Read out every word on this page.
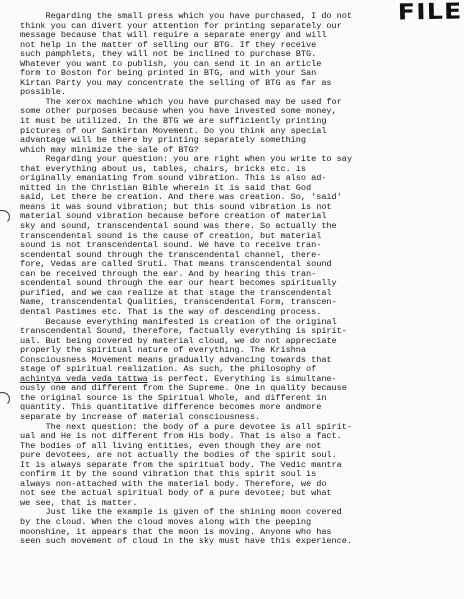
FILE
Regarding the small press which you have purchased, I do not
think you can divert your attention for printing separately our
message because that will require a separate energy and will
not help in the matter of selling our BTG. If they receive
such pamphlets, they will not be inclined to purchase BTG.
Whatever you want to publish, you can send it in an article
form to Boston for being printed in BTG, and with your San
Kirtan Party you may concentrate the selling of BTG as far as
possible.
The xerox machine which you have purchased may be used for
some other purposes because when you have invested some money,
it must be utilized. In the BTG we are sufficiently printing
pictures of our Sankirtan Movement. Do you think any special
advantage will be there by printing separately something
which may minimize the sale of BTG?
Regarding your question: you are right when you write to say
that everything about us, tables, chairs, bricks etc. is
originally emaniating from sound vibration. This is also ad-
mitted in the Christian Bible wherein it is said that God
said, Let there be creation. And there was creation. So, 'said'
means it was sound vibration; but this sound vibration is not
material sound vibration because before creation of material
sky and sound, transcendental sound was there. So actually the
transcendental sound is the cause of creation, but material
sound is not transcendental sound. We have to receive tran-
scendental sound through the transcendental channel, there-
fore, Vedas are called Sruti. That means transcendental sound
can be received through the ear. And by hearing this tran-
scendental sound through the ear our heart becomes spiritually
purified, and we can realize at that stage the transcendental
Name, transcendental Qualities, transcendental Form, transcen-
dental Pastimes etc. That is the way of descending process.
Because everything manifested is creation of the original
transcendental Sound, therefore, factually everything is spirit-
ual. But being covered by material cloud, we do not appreciate
properly the spiritual nature of everything. The Krishna
Consciousness Movement means gradually advancing towards that
stage of spiritual realization. As such, the philosophy of
achintya veda veda tattwa is perfect. Everything is simultane-
ously one and different from the Supreme. One in quality because
the original source is the Spiritual Whole, and different in
quantity. This quantitative difference becomes more andmore
separate by increase of material consciousness.
The next question: the body of a pure devotee is all spirit-
ual and He is not different from His body. That is also a fact.
The bodies of all living entities, even though they are not
pure devotees, are not actually the bodies of the spirit soul.
It is always separate from the spiritual body. The Vedic mantra
confirm it by the sound vibration that this spirit soul is
always non-attached with the material body. Therefore, we do
not see the actual spiritual body of a pure devotee; but what
we see, that is matter.
Just like the example is given of the shining moon covered
by the cloud. When the cloud moves along with the peeping
moonshine, it appears that the moon is moving. Anyone who has
seen such movement of cloud in the sky must have this experience.
